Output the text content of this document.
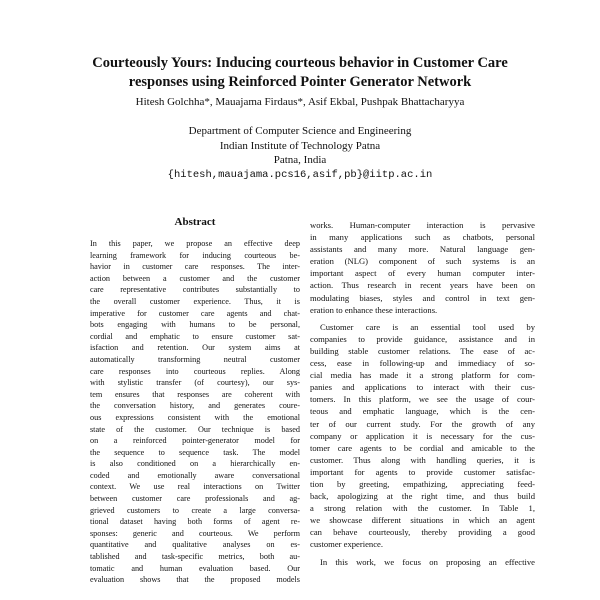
Courteously Yours: Inducing courteous behavior in Customer Care
responses using Reinforced Pointer Generator Network
Hitesh Golchha*, Mauajama Firdaus*, Asif Ekbal, Pushpak Bhattacharyya
Department of Computer Science and Engineering
Indian Institute of Technology Patna
Patna, India
{hitesh,mauajama.pcs16,asif,pb}@iitp.ac.in
Abstract
In this paper, we propose an effective deep
learning framework for inducing courteous be-
havior in customer care responses. The inter-
action between a customer and the customer
care representative contributes substantially to
the overall customer experience. Thus, it is
imperative for customer care agents and chat-
bots engaging with humans to be personal,
cordial and emphatic to ensure customer sat-
isfaction and retention. Our system aims at
automatically transforming neutral customer
care responses into courteous replies. Along
with stylistic transfer (of courtesy), our sys-
tem ensures that responses are coherent with
the conversation history, and generates coure-
ous expressions consistent with the emotional
state of the customer. Our technique is based
on a reinforced pointer-generator model for
the sequence to sequence task. The model
is also conditioned on a hierarchically en-
coded and emotionally aware conversational
context. We use real interactions on Twitter
between customer care professionals and ag-
grieved customers to create a large conversa-
tional dataset having both forms of agent re-
sponses: generic and courteous. We perform
quantitative and qualitative analyses on es-
tablished and task-specific metrics, both au-
tomatic and human evaluation based. Our
evaluation shows that the proposed models
works. Human-computer interaction is pervasive
in many applications such as chatbots, personal
assistants and many more. Natural language gen-
eration (NLG) component of such systems is an
important aspect of every human computer inter-
action. Thus research in recent years have been on
modulating biases, styles and control in text gen-
eration to enhance these interactions.
Customer care is an essential tool used by
companies to provide guidance, assistance and in
building stable customer relations. The ease of ac-
cess, ease in following-up and immediacy of so-
cial media has made it a strong platform for com-
panies and applications to interact with their cus-
tomers. In this platform, we see the usage of cour-
teous and emphatic language, which is the cen-
ter of our current study. For the growth of any
company or application it is necessary for the cus-
tomer care agents to be cordial and amicable to the
customer. Thus along with handling queries, it is
important for agents to provide customer satisfac-
tion by greeting, empathizing, appreciating feed-
back, apologizing at the right time, and thus build
a strong relation with the customer. In Table 1,
we showcase different situations in which an agent
can behave courteously, thereby providing a good
customer experience.
In this work, we focus on proposing an effective
